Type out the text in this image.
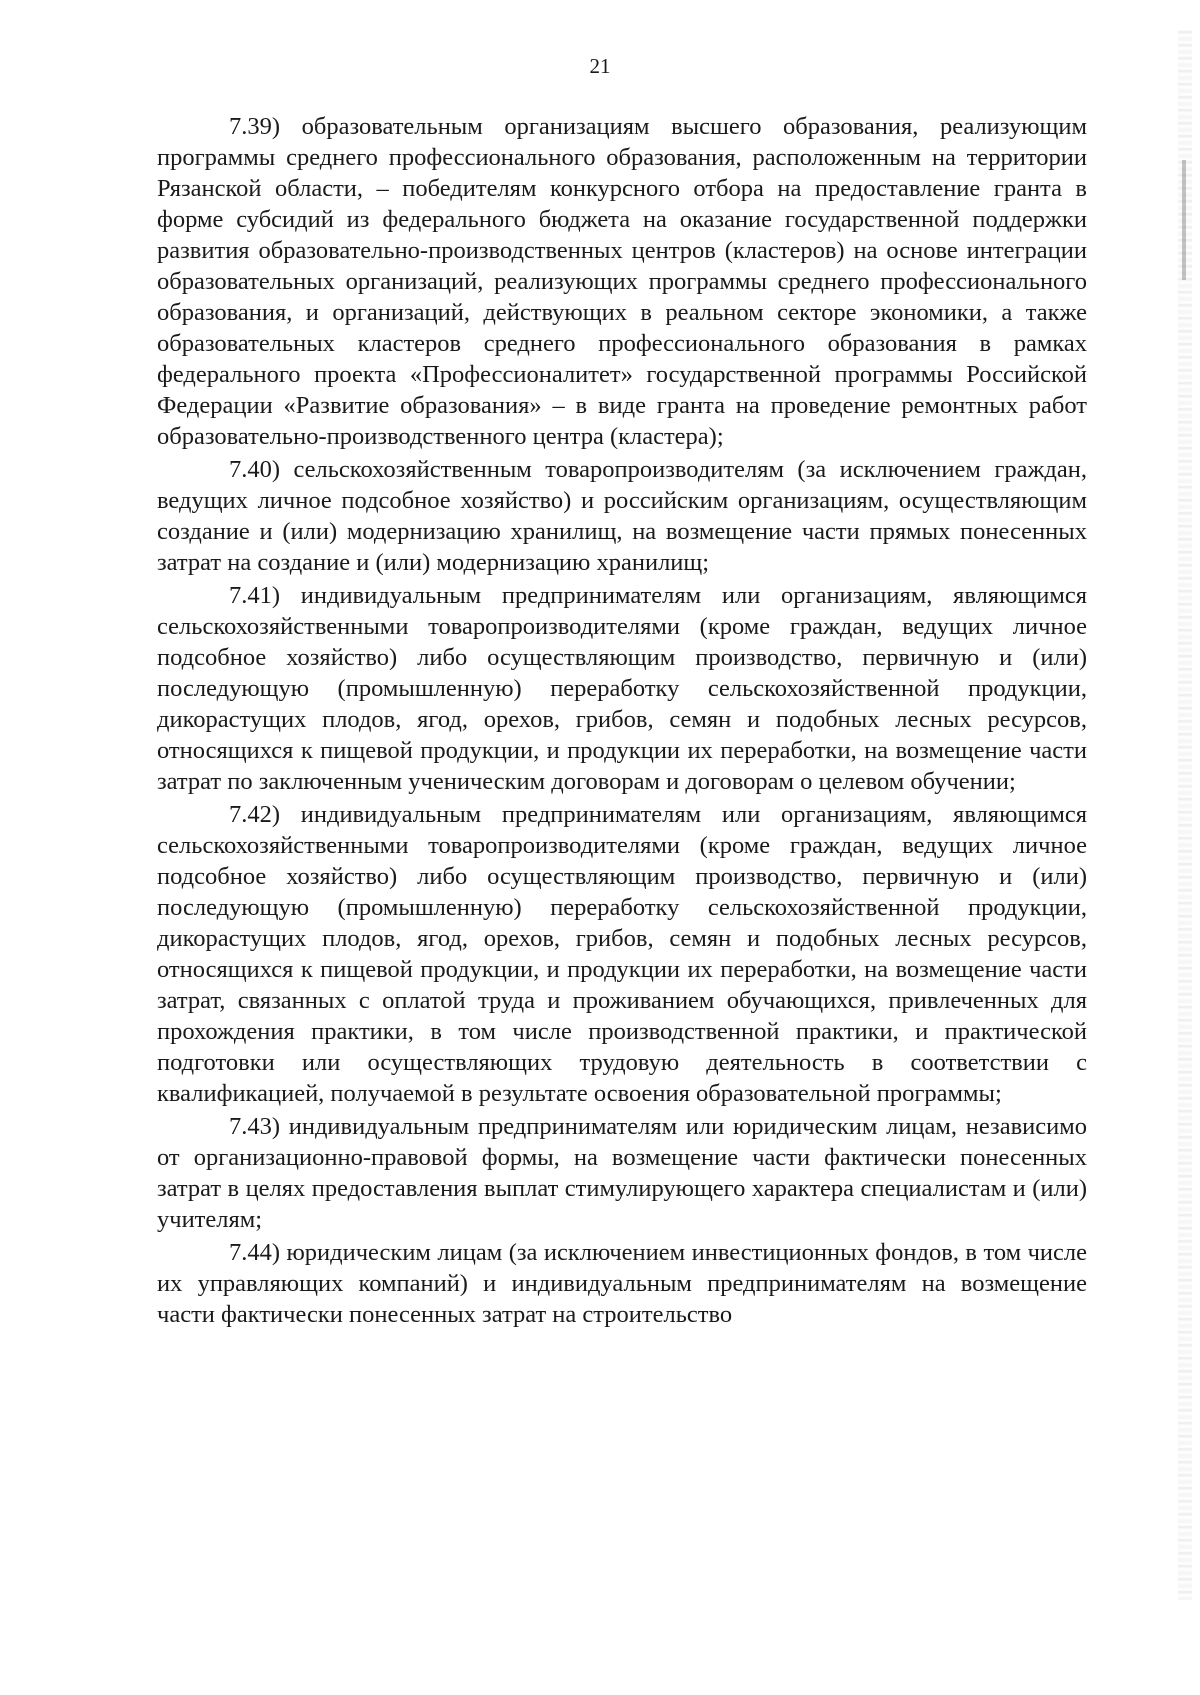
21

7.39) образовательным организациям высшего образования, реализующим программы среднего профессионального образования, расположенным на территории Рязанской области, – победителям конкурсного отбора на предоставление гранта в форме субсидий из федерального бюджета на оказание государственной поддержки развития образовательно-производственных центров (кластеров) на основе интеграции образовательных организаций, реализующих программы среднего профессионального образования, и организаций, действующих в реальном секторе экономики, а также образовательных кластеров среднего профессионального образования в рамках федерального проекта «Профессионалитет» государственной программы Российской Федерации «Развитие образования» – в виде гранта на проведение ремонтных работ образовательно-производственного центра (кластера);

7.40) сельскохозяйственным товаропроизводителям (за исключением граждан, ведущих личное подсобное хозяйство) и российским организациям, осуществляющим создание и (или) модернизацию хранилищ, на возмещение части прямых понесенных затрат на создание и (или) модернизацию хранилищ;

7.41) индивидуальным предпринимателям или организациям, являющимся сельскохозяйственными товаропроизводителями (кроме граждан, ведущих личное подсобное хозяйство) либо осуществляющим производство, первичную и (или) последующую (промышленную) переработку сельскохозяйственной продукции, дикорастущих плодов, ягод, орехов, грибов, семян и подобных лесных ресурсов, относящихся к пищевой продукции, и продукции их переработки, на возмещение части затрат по заключенным ученическим договорам и договорам о целевом обучении;

7.42) индивидуальным предпринимателям или организациям, являющимся сельскохозяйственными товаропроизводителями (кроме граждан, ведущих личное подсобное хозяйство) либо осуществляющим производство, первичную и (или) последующую (промышленную) переработку сельскохозяйственной продукции, дикорастущих плодов, ягод, орехов, грибов, семян и подобных лесных ресурсов, относящихся к пищевой продукции, и продукции их переработки, на возмещение части затрат, связанных с оплатой труда и проживанием обучающихся, привлеченных для прохождения практики, в том числе производственной практики, и практической подготовки или осуществляющих трудовую деятельность в соответствии с квалификацией, получаемой в результате освоения образовательной программы;

7.43) индивидуальным предпринимателям или юридическим лицам, независимо от организационно-правовой формы, на возмещение части фактически понесенных затрат в целях предоставления выплат стимулирующего характера специалистам и (или) учителям;

7.44) юридическим лицам (за исключением инвестиционных фондов, в том числе их управляющих компаний) и индивидуальным предпринимателям на возмещение части фактически понесенных затрат на строительство
